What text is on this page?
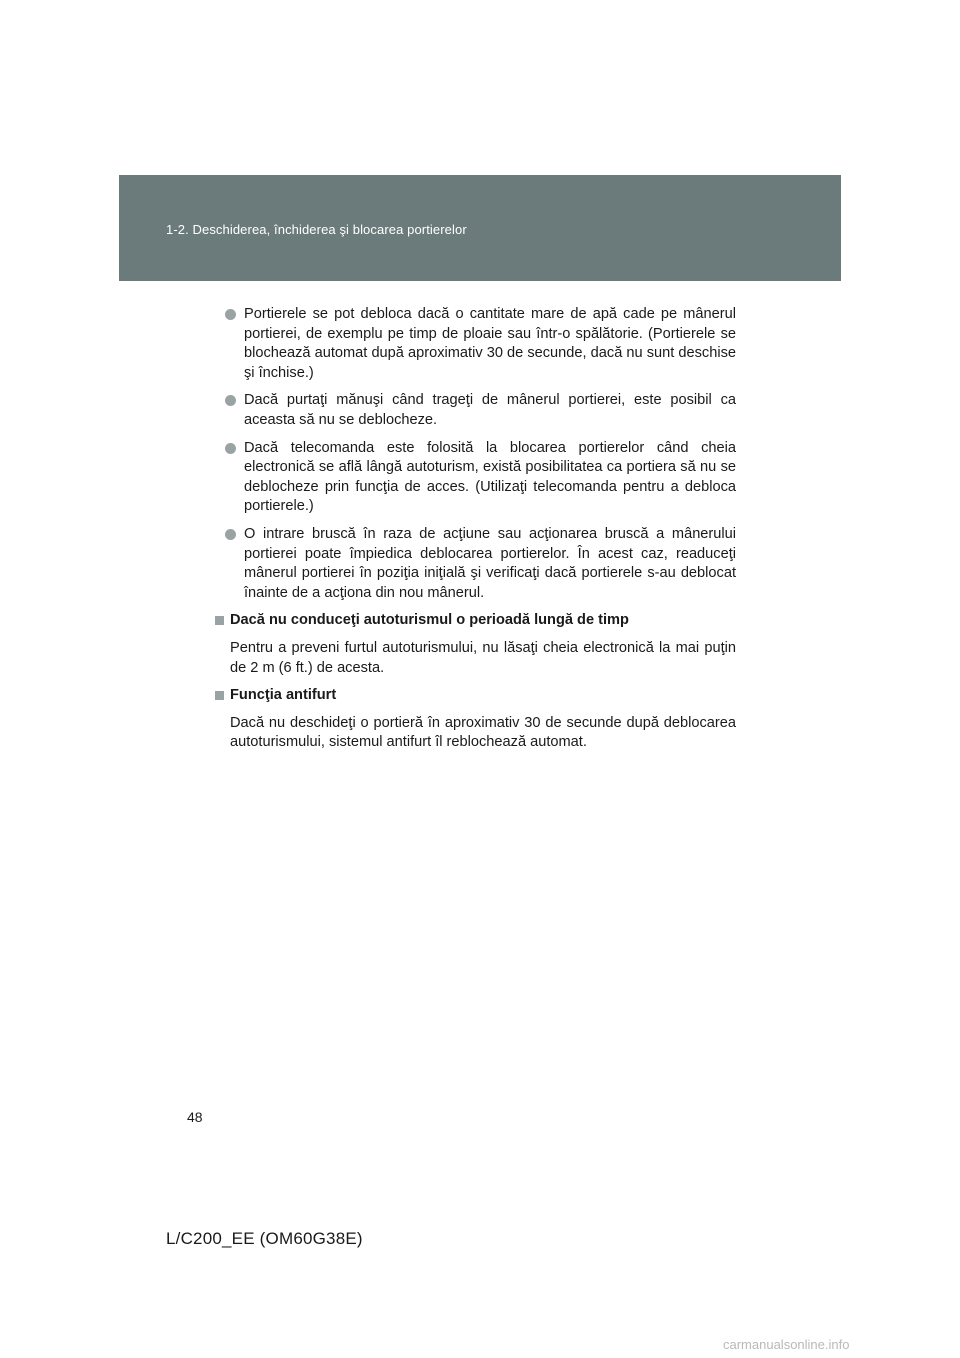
1-2. Deschiderea, închiderea şi blocarea portierelor
Portierele se pot debloca dacă o cantitate mare de apă cade pe mânerul portierei, de exemplu pe timp de ploaie sau într-o spălătorie. (Portierele se blochează automat după aproximativ 30 de secunde, dacă nu sunt deschise şi închise.)
Dacă purtaţi mănuşi când trageţi de mânerul portierei, este posibil ca aceasta să nu se deblocheze.
Dacă telecomanda este folosită la blocarea portierelor când cheia electronică se află lângă autoturism, există posibilitatea ca portiera să nu se deblocheze prin funcţia de acces. (Utilizaţi telecomanda pentru a debloca portierele.)
O intrare bruscă în raza de acţiune sau acţionarea bruscă a mânerului portierei poate împiedica deblocarea portierelor. În acest caz, readuceţi mânerul portierei în poziţia iniţială şi verificaţi dacă portierele s-au deblocat înainte de a acţiona din nou mânerul.
Dacă nu conduceţi autoturismul o perioadă lungă de timp
Pentru a preveni furtul autoturismului, nu lăsaţi cheia electronică la mai puţin de 2 m (6 ft.) de acesta.
Funcţia antifurt
Dacă nu deschideţi o portieră în aproximativ 30 de secunde după deblocarea autoturismului, sistemul antifurt îl reblochează automat.
48
L/C200_EE (OM60G38E)
carmanualsonline.info
